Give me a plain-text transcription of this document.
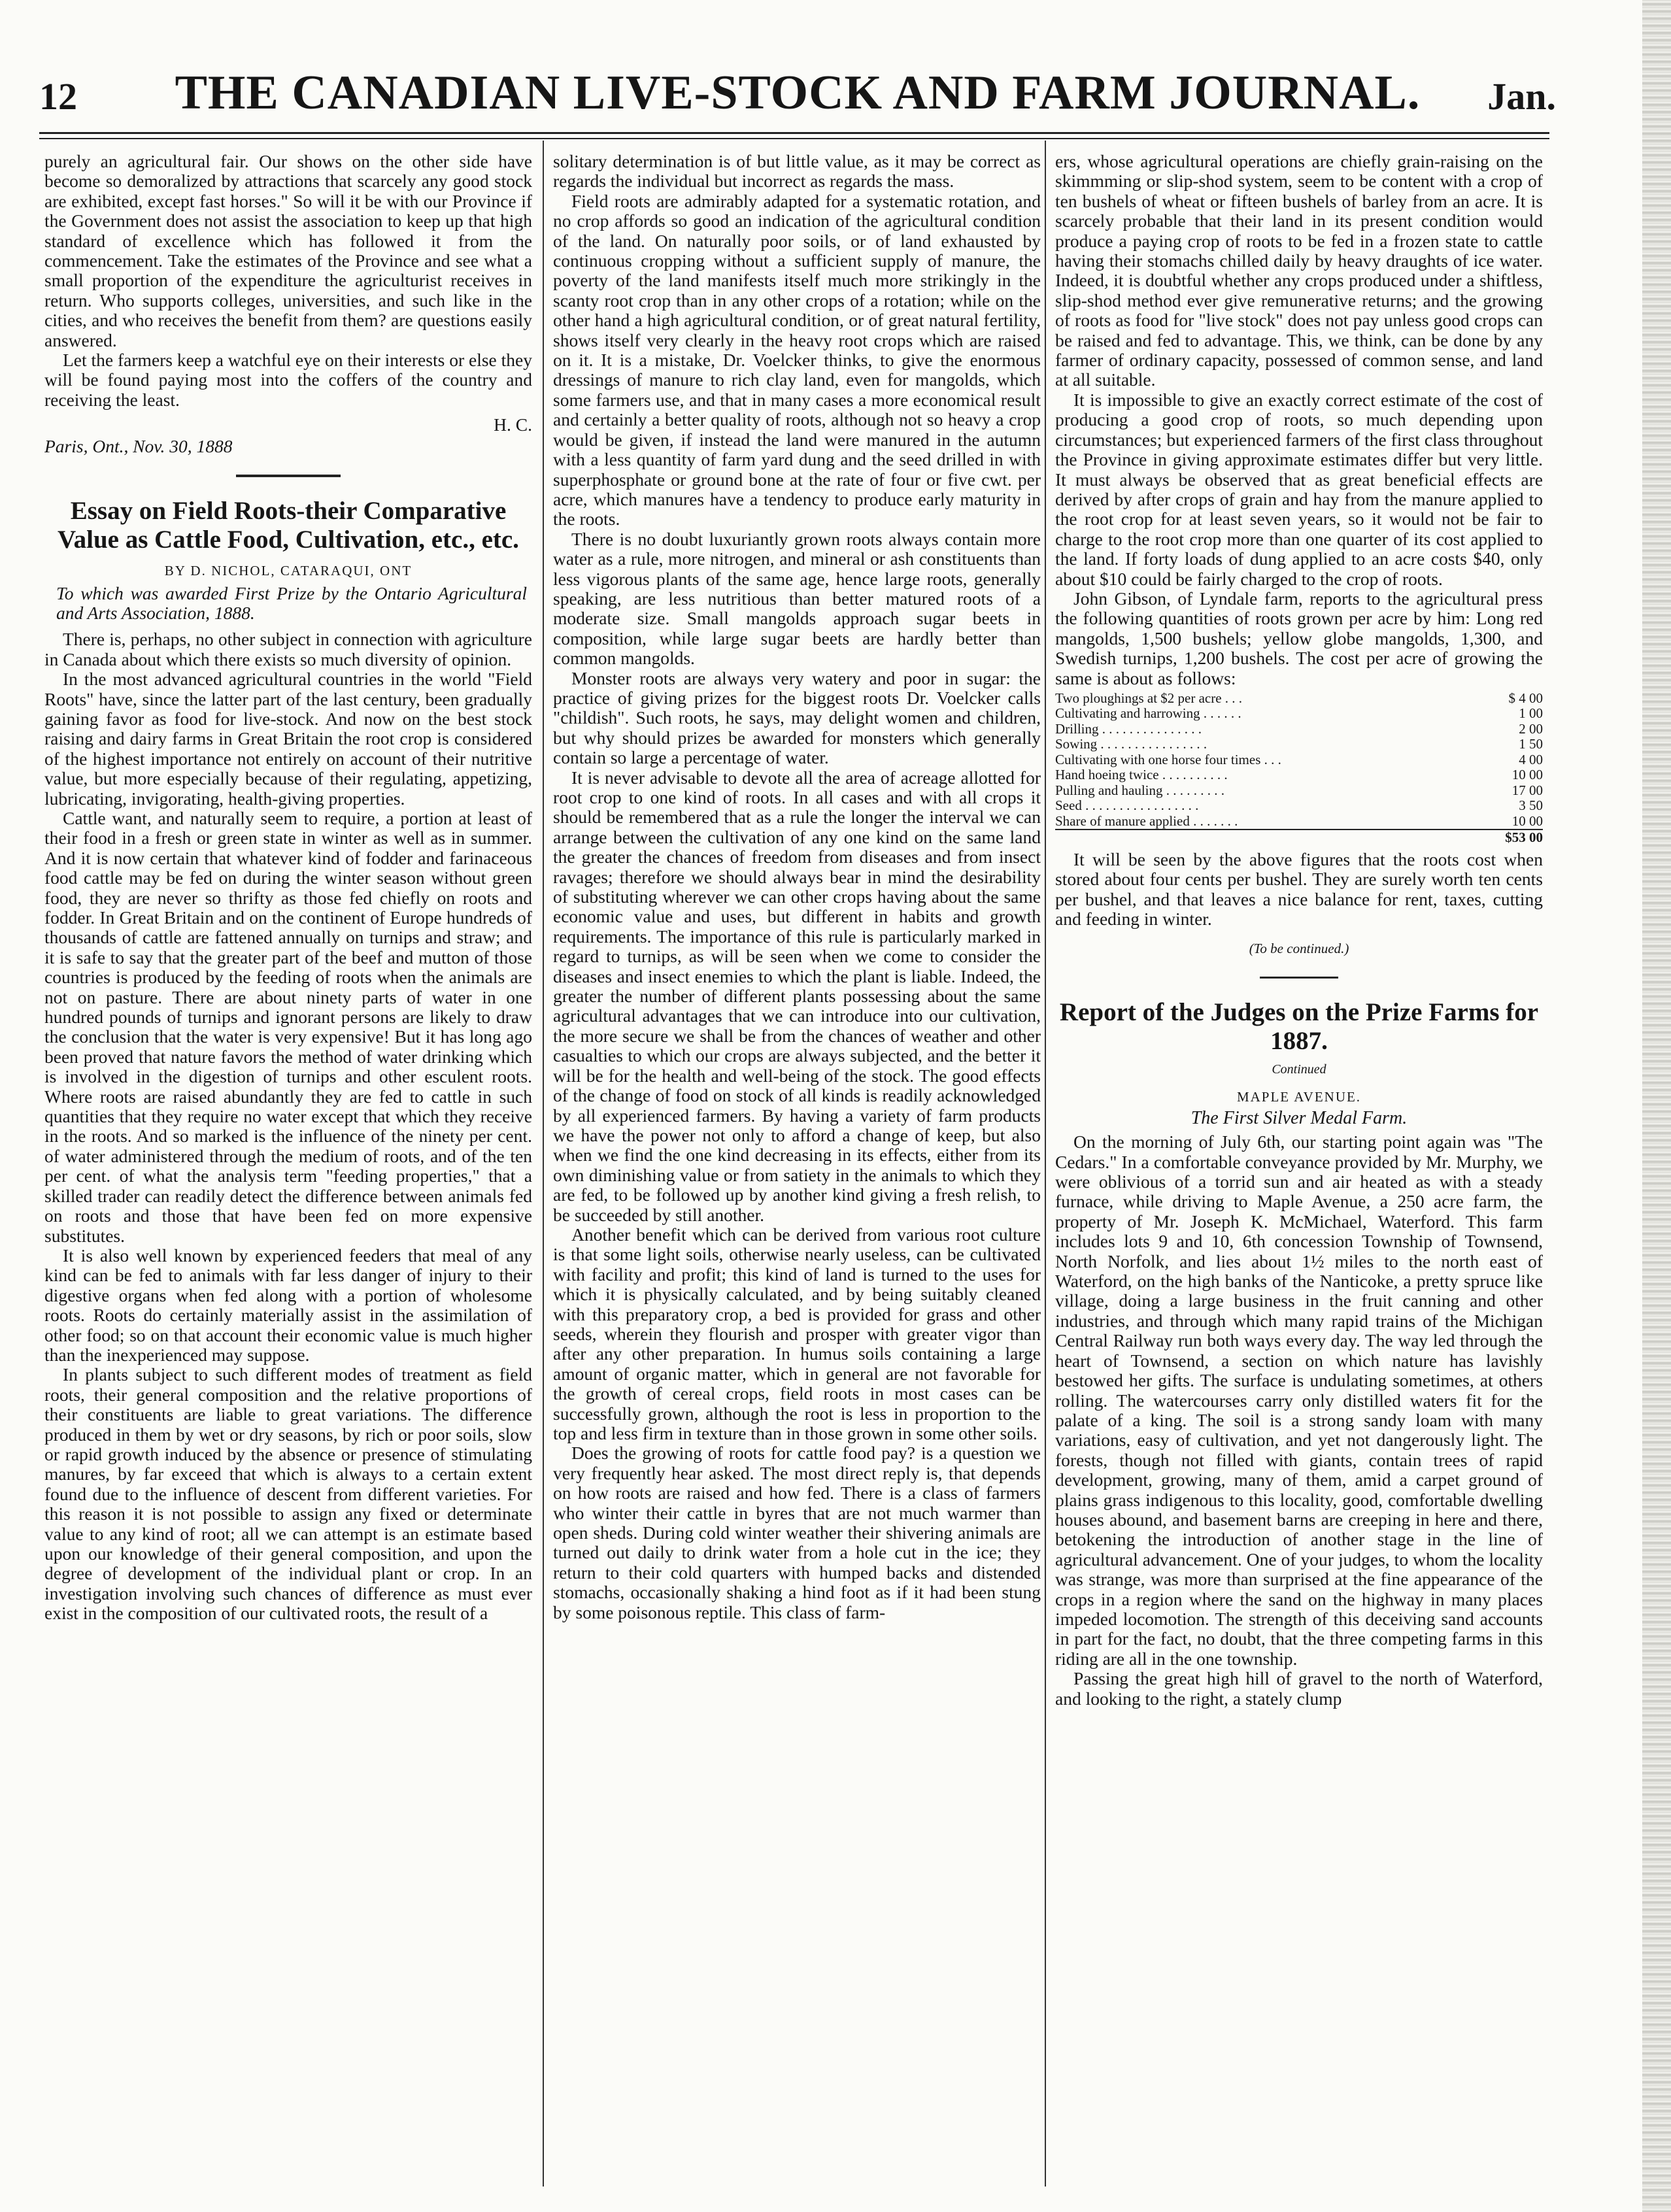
12	THE CANADIAN LIVE-STOCK AND FARM JOURNAL.	Jan.

purely an agricultural fair. Our shows on the other side have become so demoralized by attractions that scarcely any good stock are exhibited, except fast horses." So will it be with our Province if the Government does not assist the association to keep up that high standard of excellence which has followed it from the commencement. Take the estimates of the Province and see what a small proportion of the expenditure the agriculturist receives in return. Who supports colleges, universities, and such like in the cities, and who receives the benefit from them? are questions easily answered.

Let the farmers keep a watchful eye on their interests or else they will be found paying most into the coffers of the country and receiving the least.

H. C.

Paris, Ont., Nov. 30, 1888

Essay on Field Roots-their Comparative Value as Cattle Food, Cultivation, etc., etc.
BY D. NICHOL, CATARAQUI, ONT

To which was awarded First Prize by the Ontario Agricultural and Arts Association, 1888.

There is, perhaps, no other subject in connection with agriculture in Canada about which there exists so much diversity of opinion.

In the most advanced agricultural countries in the world "Field Roots" have, since the latter part of the last century, been gradually gaining favor as food for live-stock. And now on the best stock raising and dairy farms in Great Britain the root crop is considered of the highest importance not entirely on account of their nutritive value, but more especially because of their regulating, appetizing, lubricating, invigorating, health-giving properties.

Cattle want, and naturally seem to require, a portion at least of their food in a fresh or green state in winter as well as in summer. And it is now certain that whatever kind of fodder and farinaceous food cattle may be fed on during the winter season without green food, they are never so thrifty as those fed chiefly on roots and fodder. In Great Britain and on the continent of Europe hundreds of thousands of cattle are fattened annually on turnips and straw; and it is safe to say that the greater part of the beef and mutton of those countries is produced by the feeding of roots when the animals are not on pasture. There are about ninety parts of water in one hundred pounds of turnips and ignorant persons are likely to draw the conclusion that the water is very expensive! But it has long ago been proved that nature favors the method of water drinking which is involved in the digestion of turnips and other esculent roots. Where roots are raised abundantly they are fed to cattle in such quantities that they require no water except that which they receive in the roots. And so marked is the influence of the ninety per cent. of water administered through the medium of roots, and of the ten per cent. of what the analysis term "feeding properties," that a skilled trader can readily detect the difference between animals fed on roots and those that have been fed on more expensive substitutes.

It is also well known by experienced feeders that meal of any kind can be fed to animals with far less danger of injury to their digestive organs when fed along with a portion of wholesome roots. Roots do certainly materially assist in the assimilation of other food; so on that account their economic value is much higher than the inexperienced may suppose.

In plants subject to such different modes of treatment as field roots, their general composition and the relative proportions of their constituents are liable to great variations. The difference produced in them by wet or dry seasons, by rich or poor soils, slow or rapid growth induced by the absence or presence of stimulating manures, by far exceed that which is always to a certain extent found due to the influence of descent from different varieties. For this reason it is not possible to assign any fixed or determinate value to any kind of root; all we can attempt is an estimate based upon our knowledge of their general composition, and upon the degree of development of the individual plant or crop. In an investigation involving such chances of difference as must ever exist in the composition of our cultivated roots, the result of a

solitary determination is of but little value, as it may be correct as regards the individual but incorrect as regards the mass.

Field roots are admirably adapted for a systematic rotation, and no crop affords so good an indication of the agricultural condition of the land. On naturally poor soils, or of land exhausted by continuous cropping without a sufficient supply of manure, the poverty of the land manifests itself much more strikingly in the scanty root crop than in any other crops of a rotation; while on the other hand a high agricultural condition, or of great natural fertility, shows itself very clearly in the heavy root crops which are raised on it. It is a mistake, Dr. Voelcker thinks, to give the enormous dressings of manure to rich clay land, even for mangolds, which some farmers use, and that in many cases a more economical result and certainly a better quality of roots, although not so heavy a crop would be given, if instead the land were manured in the autumn with a less quantity of farm yard dung and the seed drilled in with superphosphate or ground bone at the rate of four or five cwt. per acre, which manures have a tendency to produce early maturity in the roots.

There is no doubt luxuriantly grown roots always contain more water as a rule, more nitrogen, and mineral or ash constituents than less vigorous plants of the same age, hence large roots, generally speaking, are less nutritious than better matured roots of a moderate size. Small mangolds approach sugar beets in composition, while large sugar beets are hardly better than common mangolds.

Monster roots are always very watery and poor in sugar: the practice of giving prizes for the biggest roots Dr. Voelcker calls "childish". Such roots, he says, may delight women and children, but why should prizes be awarded for monsters which generally contain so large a percentage of water.

It is never advisable to devote all the area of acreage allotted for root crop to one kind of roots. In all cases and with all crops it should be remembered that as a rule the longer the interval we can arrange between the cultivation of any one kind on the same land the greater the chances of freedom from diseases and from insect ravages; therefore we should always bear in mind the desirability of substituting wherever we can other crops having about the same economic value and uses, but different in habits and growth requirements. The importance of this rule is particularly marked in regard to turnips, as will be seen when we come to consider the diseases and insect enemies to which the plant is liable. Indeed, the greater the number of different plants possessing about the same agricultural advantages that we can introduce into our cultivation, the more secure we shall be from the chances of weather and other casualties to which our crops are always subjected, and the better it will be for the health and well-being of the stock. The good effects of the change of food on stock of all kinds is readily acknowledged by all experienced farmers. By having a variety of farm products we have the power not only to afford a change of keep, but also when we find the one kind decreasing in its effects, either from its own diminishing value or from satiety in the animals to which they are fed, to be followed up by another kind giving a fresh relish, to be succeeded by still another.

Another benefit which can be derived from various root culture is that some light soils, otherwise nearly useless, can be cultivated with facility and profit; this kind of land is turned to the uses for which it is physically calculated, and by being suitably cleaned with this preparatory crop, a bed is provided for grass and other seeds, wherein they flourish and prosper with greater vigor than after any other preparation. In humus soils containing a large amount of organic matter, which in general are not favorable for the growth of cereal crops, field roots in most cases can be successfully grown, although the root is less in proportion to the top and less firm in texture than in those grown in some other soils.

Does the growing of roots for cattle food pay? is a question we very frequently hear asked. The most direct reply is, that depends on how roots are raised and how fed. There is a class of farmers who winter their cattle in byres that are not much warmer than open sheds. During cold winter weather their shivering animals are turned out daily to drink water from a hole cut in the ice; they return to their cold quarters with humped backs and distended stomachs, occasionally shaking a hind foot as if it had been stung by some poisonous reptile. This class of farm-

ers, whose agricultural operations are chiefly grain-raising on the skimmming or slip-shod system, seem to be content with a crop of ten bushels of wheat or fifteen bushels of barley from an acre. It is scarcely probable that their land in its present condition would produce a paying crop of roots to be fed in a frozen state to cattle having their stomachs chilled daily by heavy draughts of ice water. Indeed, it is doubtful whether any crops produced under a shiftless, slip-shod method ever give remunerative returns; and the growing of roots as food for "live stock" does not pay unless good crops can be raised and fed to advantage. This, we think, can be done by any farmer of ordinary capacity, possessed of common sense, and land at all suitable.

It is impossible to give an exactly correct estimate of the cost of producing a good crop of roots, so much depending upon circumstances; but experienced farmers of the first class throughout the Province in giving approximate estimates differ but very little. It must always be observed that as great beneficial effects are derived by after crops of grain and hay from the manure applied to the root crop for at least seven years, so it would not be fair to charge to the root crop more than one quarter of its cost applied to the land. If forty loads of dung applied to an acre costs $40, only about $10 could be fairly charged to the crop of roots.

John Gibson, of Lyndale farm, reports to the agricultural press the following quantities of roots grown per acre by him: Long red mangolds, 1,500 bushels; yellow globe mangolds, 1,300, and Swedish turnips, 1,200 bushels. The cost per acre of growing the same is about as follows:

Two ploughings at $2 per acre . . .	$ 4 00
Cultivating and harrowing . . . . . .	1 00
Drilling . . . . . . . . . . . . . . .	2 00
Sowing . . . . . . . . . . . . . . . .	1 50
Cultivating with one horse four times . . .	4 00
Hand hoeing twice . . . . . . . . . .	10 00
Pulling and hauling . . . . . . . . .	17 00
Seed . . . . . . . . . . . . . . . . .	3 50
Share of manure applied . . . . . . .	10 00
	$53 00

It will be seen by the above figures that the roots cost when stored about four cents per bushel. They are surely worth ten cents per bushel, and that leaves a nice balance for rent, taxes, cutting and feeding in winter.

(To be continued.)

Report of the Judges on the Prize Farms for 1887.
Continued
MAPLE AVENUE.
The First Silver Medal Farm.

On the morning of July 6th, our starting point again was "The Cedars." In a comfortable conveyance provided by Mr. Murphy, we were oblivious of a torrid sun and air heated as with a steady furnace, while driving to Maple Avenue, a 250 acre farm, the property of Mr. Joseph K. McMichael, Waterford. This farm includes lots 9 and 10, 6th concession Township of Townsend, North Norfolk, and lies about 1½ miles to the north east of Waterford, on the high banks of the Nanticoke, a pretty spruce like village, doing a large business in the fruit canning and other industries, and through which many rapid trains of the Michigan Central Railway run both ways every day. The way led through the heart of Townsend, a section on which nature has lavishly bestowed her gifts. The surface is undulating sometimes, at others rolling. The watercourses carry only distilled waters fit for the palate of a king. The soil is a strong sandy loam with many variations, easy of cultivation, and yet not dangerously light. The forests, though not filled with giants, contain trees of rapid development, growing, many of them, amid a carpet ground of plains grass indigenous to this locality, good, comfortable dwelling houses abound, and basement barns are creeping in here and there, betokening the introduction of another stage in the line of agricultural advancement. One of your judges, to whom the locality was strange, was more than surprised at the fine appearance of the crops in a region where the sand on the highway in many places impeded locomotion. The strength of this deceiving sand accounts in part for the fact, no doubt, that the three competing farms in this riding are all in the one township.

Passing the great high hill of gravel to the north of Waterford, and looking to the right, a stately clump
